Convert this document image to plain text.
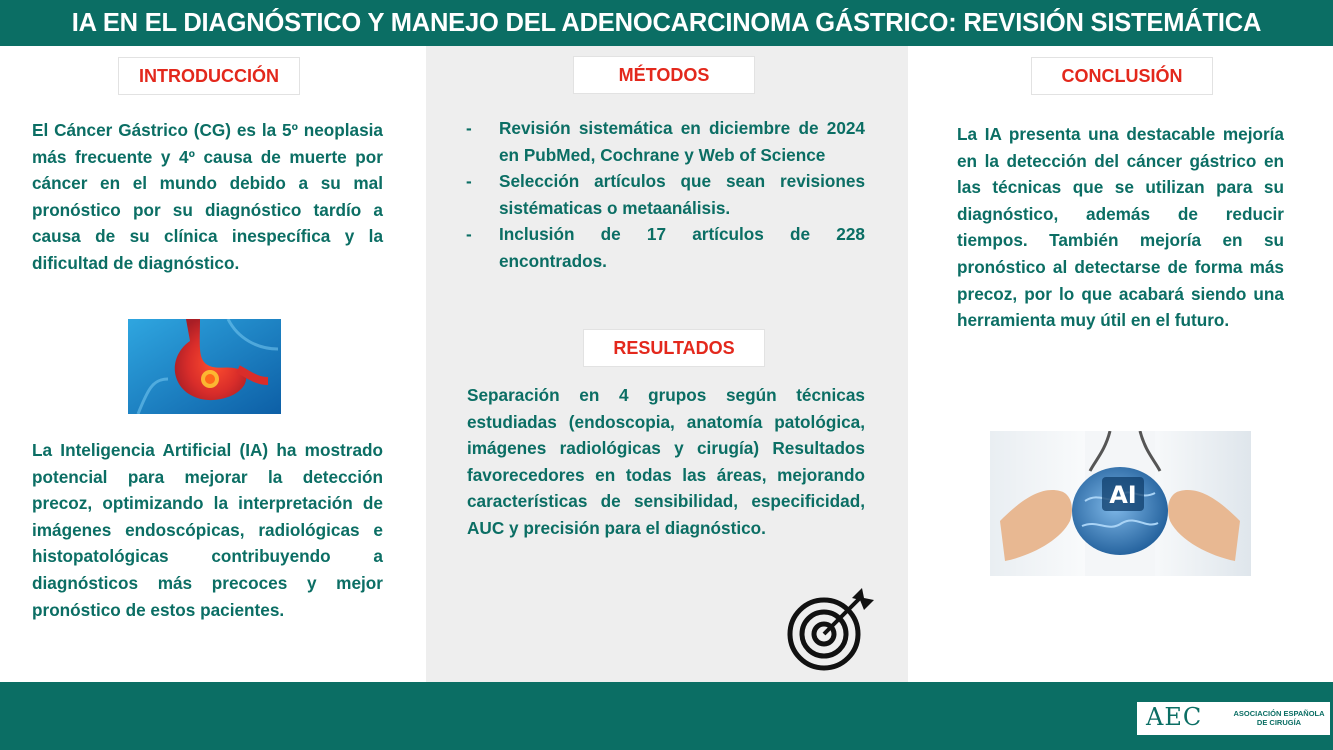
IA EN EL DIAGNÓSTICO Y MANEJO DEL ADENOCARCINOMA GÁSTRICO: REVISIÓN SISTEMÁTICA
INTRODUCCIÓN

El Cáncer Gástrico (CG) es la 5º neoplasia más frecuente y 4º causa de muerte por cáncer en el mundo debido a su mal pronóstico por su diagnóstico tardío a causa de su clínica inespecífica y la dificultad de diagnóstico.

La Inteligencia Artificial (IA) ha mostrado potencial para mejorar la detección precoz, optimizando la interpretación de imágenes endoscópicas, radiológicas e histopatológicas contribuyendo a diagnósticos más precoces y mejor pronóstico de estos pacientes.

MÉTODOS
- Revisión sistemática en diciembre de 2024 en PubMed, Cochrane y Web of Science
- Selección artículos que sean revisiones sistématicas o metaanálisis.
- Inclusión de 17 artículos de 228 encontrados.
RESULTADOS

Separación en 4 grupos según técnicas estudiadas (endoscopia, anatomía patológica, imágenes radiológicas y cirugía) Resultados favorecedores en todas las áreas, mejorando características de sensibilidad, especificidad, AUC y precisión para el diagnóstico.

CONCLUSIÓN

La IA presenta una destacable mejoría en la detección del cáncer gástrico en las técnicas que se utilizan para su diagnóstico, además de reducir tiempos. También mejoría en su pronóstico al detectarse de forma más precoz, por lo que acabará siendo una herramienta muy útil en el futuro.

AI
AEC	ASOCIACIÓN ESPAÑOLA DE CIRUGÍA
